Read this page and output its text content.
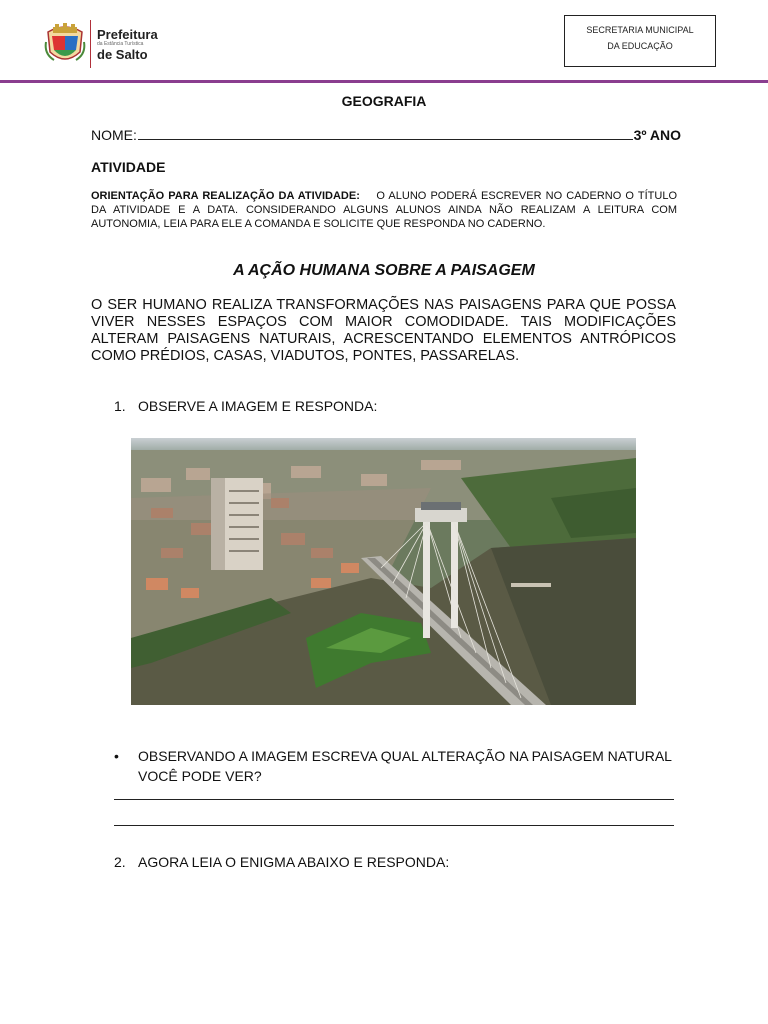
Prefeitura
da Estância Turística
de Salto
SECRETARIA MUNICIPAL
DA EDUCAÇÃO
GEOGRAFIA
NOME:	3º ANO
ATIVIDADE
ORIENTAÇÃO PARA REALIZAÇÃO DA ATIVIDADE: O ALUNO PODERÁ ESCREVER NO CADERNO O TÍTULO DA ATIVIDADE E A DATA. CONSIDERANDO ALGUNS ALUNOS AINDA NÃO REALIZAM A LEITURA COM AUTONOMIA, LEIA PARA ELE A COMANDA E SOLICITE QUE RESPONDA NO CADERNO.
A AÇÃO HUMANA SOBRE A PAISAGEM
O SER HUMANO REALIZA TRANSFORMAÇÕES NAS PAISAGENS PARA QUE POSSA VIVER NESSES ESPAÇOS COM MAIOR COMODIDADE. TAIS MODIFICAÇÕES ALTERAM PAISAGENS NATURAIS, ACRESCENTANDO ELEMENTOS ANTRÓPICOS COMO PRÉDIOS, CASAS, VIADUTOS, PONTES, PASSARELAS.
1. OBSERVE A IMAGEM E RESPONDA:
•	OBSERVANDO A IMAGEM ESCREVA QUAL ALTERAÇÃO NA PAISAGEM NATURAL VOCÊ PODE VER?
2. AGORA LEIA O ENIGMA ABAIXO E RESPONDA:
